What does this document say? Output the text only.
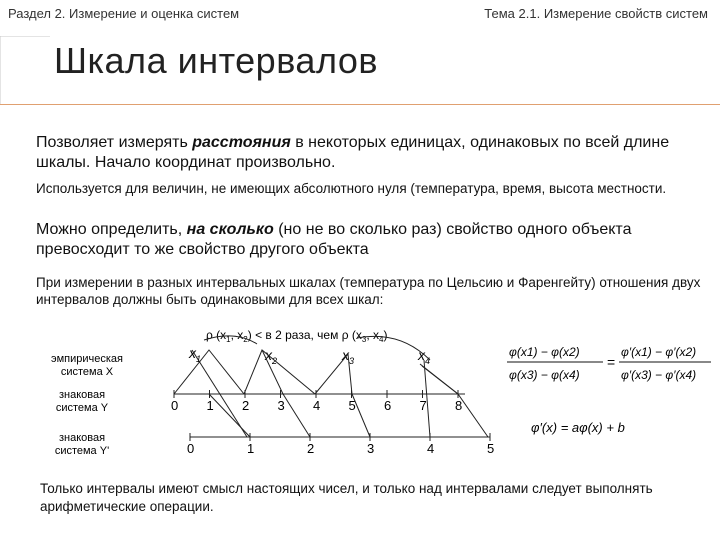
Раздел 2. Измерение и оценка систем	Тема 2.1. Измерение свойств систем
Шкала интервалов
Позволяет измерять расстояния в некоторых единицах, одинаковых по всей длине шкалы. Начало координат произвольно.
Используется для величин, не имеющих абсолютного нуля (температура, время, высота местности.
Можно определить, на сколько (но не во сколько раз) свойство одного объекта превосходит то же свойство другого объекта
При измерении в разных интервальных шкалах (температура по Цельсию и Фаренгейту) отношения двух интервалов должны быть одинаковыми для всех шкал:
ρ ($x_1$, $x_2) < в$ 2 раза, чем ρ ($x_3$, $x_4$)
эмпирическая
система X
знаковая
система Y
знаковая
система Y'
$x_1$	$x_2$	$x_3$	$x_4$
0 1 2 3 4 5 6 7 8
0	1	2	3	4	5
φ(x1) − φ(x2)
φ(x3) − φ(x4)
=
φ′(x1) − φ′(x2)
φ′(x3) − φ′(x4)
φ′(x) = aφ(x) + b
Только интервалы имеют смысл настоящих чисел, и только над интервалами следует выполнять арифметические операции.
